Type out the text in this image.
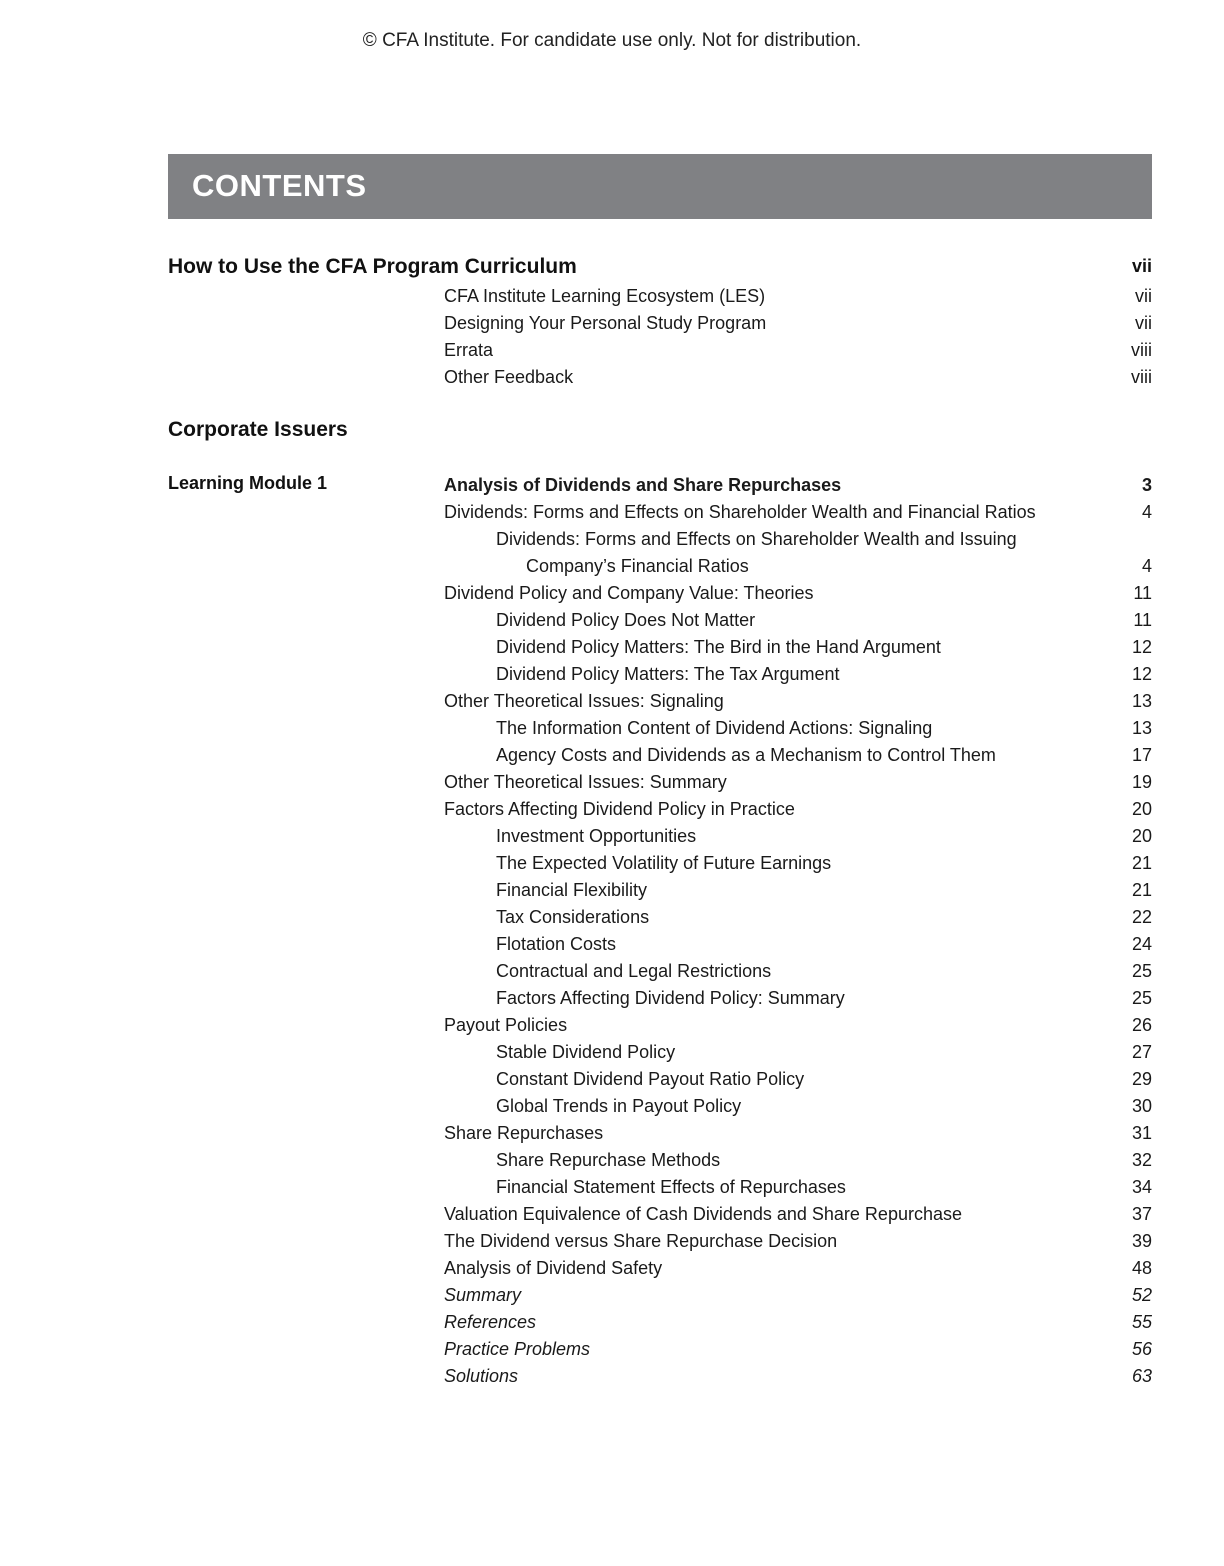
© CFA Institute. For candidate use only. Not for distribution.
CONTENTS
How to Use the CFA Program Curriculum	vii
CFA Institute Learning Ecosystem (LES)	vii
Designing Your Personal Study Program	vii
Errata	viii
Other Feedback	viii
Corporate Issuers
Learning Module 1	Analysis of Dividends and Share Repurchases	3
Dividends: Forms and Effects on Shareholder Wealth and Financial Ratios	4
Dividends: Forms and Effects on Shareholder Wealth and Issuing
Company’s Financial Ratios	4
Dividend Policy and Company Value: Theories	11
Dividend Policy Does Not Matter	11
Dividend Policy Matters: The Bird in the Hand Argument	12
Dividend Policy Matters: The Tax Argument	12
Other Theoretical Issues: Signaling	13
The Information Content of Dividend Actions: Signaling	13
Agency Costs and Dividends as a Mechanism to Control Them	17
Other Theoretical Issues: Summary	19
Factors Affecting Dividend Policy in Practice	20
Investment Opportunities	20
The Expected Volatility of Future Earnings	21
Financial Flexibility	21
Tax Considerations	22
Flotation Costs	24
Contractual and Legal Restrictions	25
Factors Affecting Dividend Policy: Summary	25
Payout Policies	26
Stable Dividend Policy	27
Constant Dividend Payout Ratio Policy	29
Global Trends in Payout Policy	30
Share Repurchases	31
Share Repurchase Methods	32
Financial Statement Effects of Repurchases	34
Valuation Equivalence of Cash Dividends and Share Repurchase	37
The Dividend versus Share Repurchase Decision	39
Analysis of Dividend Safety	48
Summary	52
References	55
Practice Problems	56
Solutions	63
